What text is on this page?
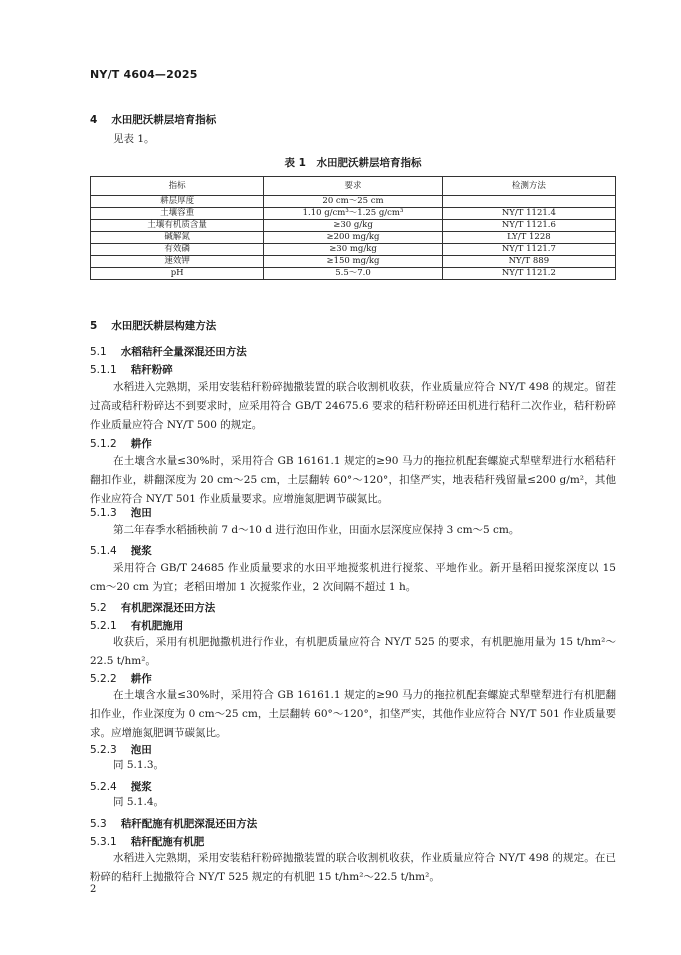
NY/T 4604—2025
4 水田肥沃耕层培育指标

见表 1。

表 1　水田肥沃耕层培育指标
指标	要求	检测方法
耕层厚度	20 cm～25 cm	
土壤容重	1.10 g/cm³～1.25 g/cm³	NY/T 1121.4
土壤有机质含量	≥30 g/kg	NY/T 1121.6
碱解氮	≥200 mg/kg	LY/T 1228
有效磷	≥30 mg/kg	NY/T 1121.7
速效钾	≥150 mg/kg	NY/T 889
pH	5.5～7.0	NY/T 1121.2
5 水田肥沃耕层构建方法
5.1 水稻秸秆全量深混还田方法
5.1.1 秸秆粉碎

水稻进入完熟期，采用安装秸秆粉碎抛撒装置的联合收割机收获，作业质量应符合 NY/T 498 的规定。留茬过高或秸秆粉碎达不到要求时，应采用符合 GB/T 24675.6 要求的秸秆粉碎还田机进行秸秆二次作业，秸秆粉碎作业质量应符合 NY/T 500 的规定。

5.1.2 耕作

在土壤含水量≤30%时，采用符合 GB 16161.1 规定的≥90 马力的拖拉机配套螺旋式犁壁犁进行水稻秸秆翻扣作业，耕翻深度为 20 cm～25 cm，土层翻转 60°～120°，扣垡严实，地表秸秆残留量≤200 g/m²，其他作业应符合 NY/T 501 作业质量要求。应增施氮肥调节碳氮比。

5.1.3 泡田

第二年春季水稻插秧前 7 d～10 d 进行泡田作业，田面水层深度应保持 3 cm～5 cm。

5.1.4 搅浆

采用符合 GB/T 24685 作业质量要求的水田平地搅浆机进行搅浆、平地作业。新开垦稻田搅浆深度以 15 cm～20 cm 为宜；老稻田增加 1 次搅浆作业，2 次间隔不超过 1 h。

5.2 有机肥深混还田方法
5.2.1 有机肥施用

收获后，采用有机肥抛撒机进行作业，有机肥质量应符合 NY/T 525 的要求，有机肥施用量为 15 t/hm²～22.5 t/hm²。

5.2.2 耕作

在土壤含水量≤30%时，采用符合 GB 16161.1 规定的≥90 马力的拖拉机配套螺旋式犁壁犁进行有机肥翻扣作业，作业深度为 0 cm～25 cm，土层翻转 60°～120°，扣垡严实，其他作业应符合 NY/T 501 作业质量要求。应增施氮肥调节碳氮比。

5.2.3 泡田

同 5.1.3。

5.2.4 搅浆

同 5.1.4。

5.3 秸秆配施有机肥深混还田方法
5.3.1 秸秆配施有机肥

水稻进入完熟期，采用安装秸秆粉碎抛撒装置的联合收割机收获，作业质量应符合 NY/T 498 的规定。在已粉碎的秸秆上抛撒符合 NY/T 525 规定的有机肥 15 t/hm²～22.5 t/hm²。

2
